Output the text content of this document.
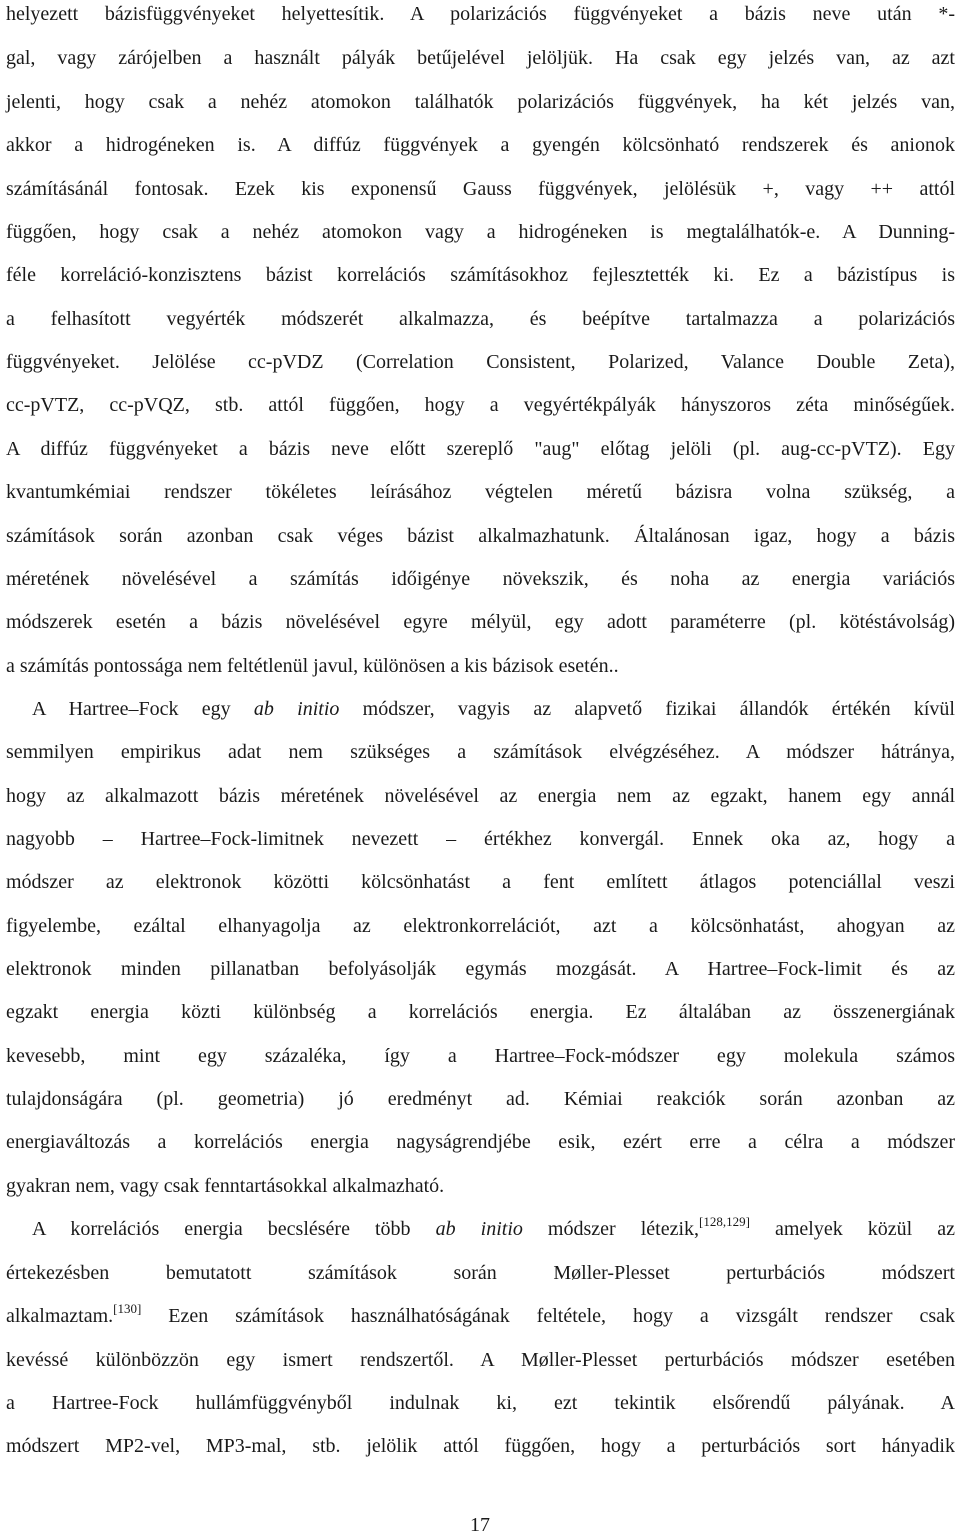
helyezett bázisfüggvényeket helyettesítik. A polarizációs függvényeket a bázis neve után *-
gal, vagy zárójelben a használt pályák betűjelével jelöljük. Ha csak egy jelzés van, az azt
jelenti, hogy csak a nehéz atomokon találhatók polarizációs függvények, ha két jelzés van,
akkor a hidrogéneken is. A diffúz függvények a gyengén kölcsönható rendszerek és anionok
számításánál fontosak. Ezek kis exponensű Gauss függvények, jelölésük +, vagy ++ attól
függően, hogy csak a nehéz atomokon vagy a hidrogéneken is megtalálhatók-e. A Dunning-
féle korreláció-konzisztens bázist korrelációs számításokhoz fejlesztették ki. Ez a bázistípus is
a felhasított vegyérték módszerét alkalmazza, és beépítve tartalmazza a polarizációs
függvényeket. Jelölése cc-pVDZ (Correlation Consistent, Polarized, Valance Double Zeta),
cc-pVTZ, cc-pVQZ, stb. attól függően, hogy a vegyértékpályák hányszoros zéta minőségűek.
A diffúz függvényeket a bázis neve előtt szereplő "aug" előtag jelöli (pl. aug-cc-pVTZ). Egy
kvantumkémiai rendszer tökéletes leírásához végtelen méretű bázisra volna szükség, a
számítások során azonban csak véges bázist alkalmazhatunk. Általánosan igaz, hogy a bázis
méretének növelésével a számítás időigénye növekszik, és noha az energia variációs
módszerek esetén a bázis növelésével egyre mélyül, egy adott paraméterre (pl. kötéstávolság)
a számítás pontossága nem feltétlenül javul, különösen a kis bázisok esetén..
A Hartree–Fock egy ab initio módszer, vagyis az alapvető fizikai állandók értékén kívül
semmilyen empirikus adat nem szükséges a számítások elvégzéséhez. A módszer hátránya,
hogy az alkalmazott bázis méretének növelésével az energia nem az egzakt, hanem egy annál
nagyobb – Hartree–Fock-limitnek nevezett – értékhez konvergál. Ennek oka az, hogy a
módszer az elektronok közötti kölcsönhatást a fent említett átlagos potenciállal veszi
figyelembe, ezáltal elhanyagolja az elektronkorrelációt, azt a kölcsönhatást, ahogyan az
elektronok minden pillanatban befolyásolják egymás mozgását. A Hartree–Fock-limit és az
egzakt energia közti különbség a korrelációs energia. Ez általában az összenergiának
kevesebb, mint egy százaléka, így a Hartree–Fock-módszer egy molekula számos
tulajdonságára (pl. geometria) jó eredményt ad. Kémiai reakciók során azonban az
energiaváltozás a korrelációs energia nagyságrendjébe esik, ezért erre a célra a módszer
gyakran nem, vagy csak fenntartásokkal alkalmazható.
A korrelációs energia becslésére több ab initio módszer létezik,[128,129] amelyek közül az
értekezésben bemutatott számítások során Møller-Plesset perturbációs módszert
alkalmaztam.[130] Ezen számítások használhatóságának feltétele, hogy a vizsgált rendszer csak
kevéssé különbözzön egy ismert rendszertől. A Møller-Plesset perturbációs módszer esetében
a Hartree-Fock hullámfüggvényből indulnak ki, ezt tekintik elsőrendű pályának. A
módszert MP2-vel, MP3-mal, stb. jelölik attól függően, hogy a perturbációs sort hányadik
17
